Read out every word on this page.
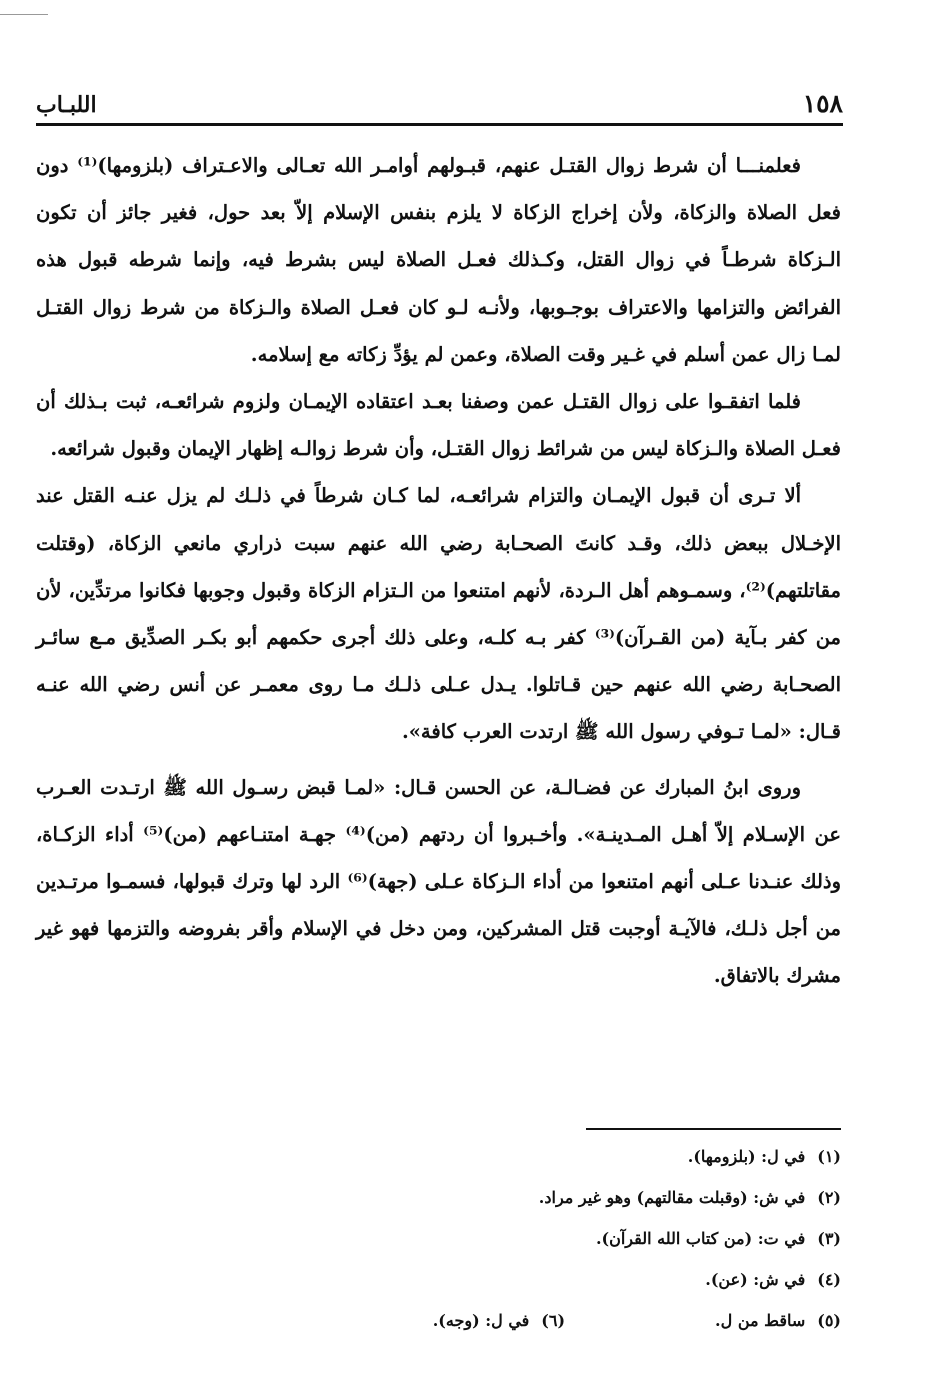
١٥٨
اللبـاب

فعلمنـــا أن شرط زوال القتـل عنهم، قبـولهم أوامـر الله تعـالى والاعـتراف (بلزومها)⁽¹⁾ دون فعل الصلاة والزكاة، ولأن إخراج الزكاة لا يلزم بنفس الإسلام إلاّ بعد حول، فغير جائز أن تكون الـزكاة شرطـاً في زوال القتل، وكـذلك فعـل الصلاة ليس بشرط فيه، وإنما شرطه قبول هذه الفرائض والتزامها والاعتراف بوجـوبها، ولأنـه لـو كان فعـل الصلاة والـزكاة من شرط زوال القتـل لمـا زال عمن أسلم في غـير وقت الصلاة، وعمن لم يؤدِّ زكاته مع إسلامه.

فلما اتفقـوا على زوال القتـل عمن وصفنا بعـد اعتقاده الإيمـان ولزوم شرائعـه، ثبت بـذلك أن فعـل الصلاة والـزكاة ليس من شرائط زوال القتـل، وأن شرط زوالـه إظهار الإيمان وقبول شرائعه.

ألا تـرى أن قبول الإيمـان والتزام شرائعـه، لما كـان شرطاً في ذلـك لم يزل عنـه القتل عند الإخـلال ببعض ذلك، وقـد كانتَ الصحـابة رضي الله عنهم سبت ذراري مانعي الزكاة، (وقتلت مقاتلتهم)⁽²⁾، وسمـوهم أهل الـردة، لأنهم امتنعوا من الـتزام الزكاة وقبول وجوبها فكانوا مرتدِّين، لأن من كفر بـآية (من القـرآن)⁽³⁾ كفر بـه كلـه، وعلى ذلك أجرى حكمهم أبو بكـر الصدِّيق مـع سائـر الصحـابة رضي الله عنهم حين قـاتلوا. يـدل عـلى ذلـك مـا روى معمـر عن أنس رضي الله عنـه قـال: «لمـا تـوفي رسول الله ﷺ ارتدت العرب كافة».

وروى ابنُ المبارك عن فضـالـة، عن الحسن قـال: «لمـا قبض رسـول الله ﷺ ارتـدت العـرب عن الإسـلام إلاّ أهـل المـدينـة». وأخـبروا أن ردتهم (من)⁽⁴⁾ جهـة امتنـاعهم (من)⁽⁵⁾ أداء الزكـاة، وذلك عنـدنا عـلى أنهم امتنعوا من أداء الـزكاة عـلى (جهة)⁽⁶⁾ الرد لها وترك قبولها، فسمـوا مرتـدين من أجل ذلـك، فالآيـة أوجبت قتل المشركين، ومن دخل في الإسلام وأقر بفروضه والتزمها فهو غير مشرك بالاتفاق.

(١)
في ل: (بلزومها).
(٢)
في ش: (وقبلت مقالتهم) وهو غير مراد.
(٣)
في ت: (من كتاب الله القرآن).
(٤)
في ش: (عن).
(٥)
ساقط من ل.
(٦)
في ل: (وجه).
